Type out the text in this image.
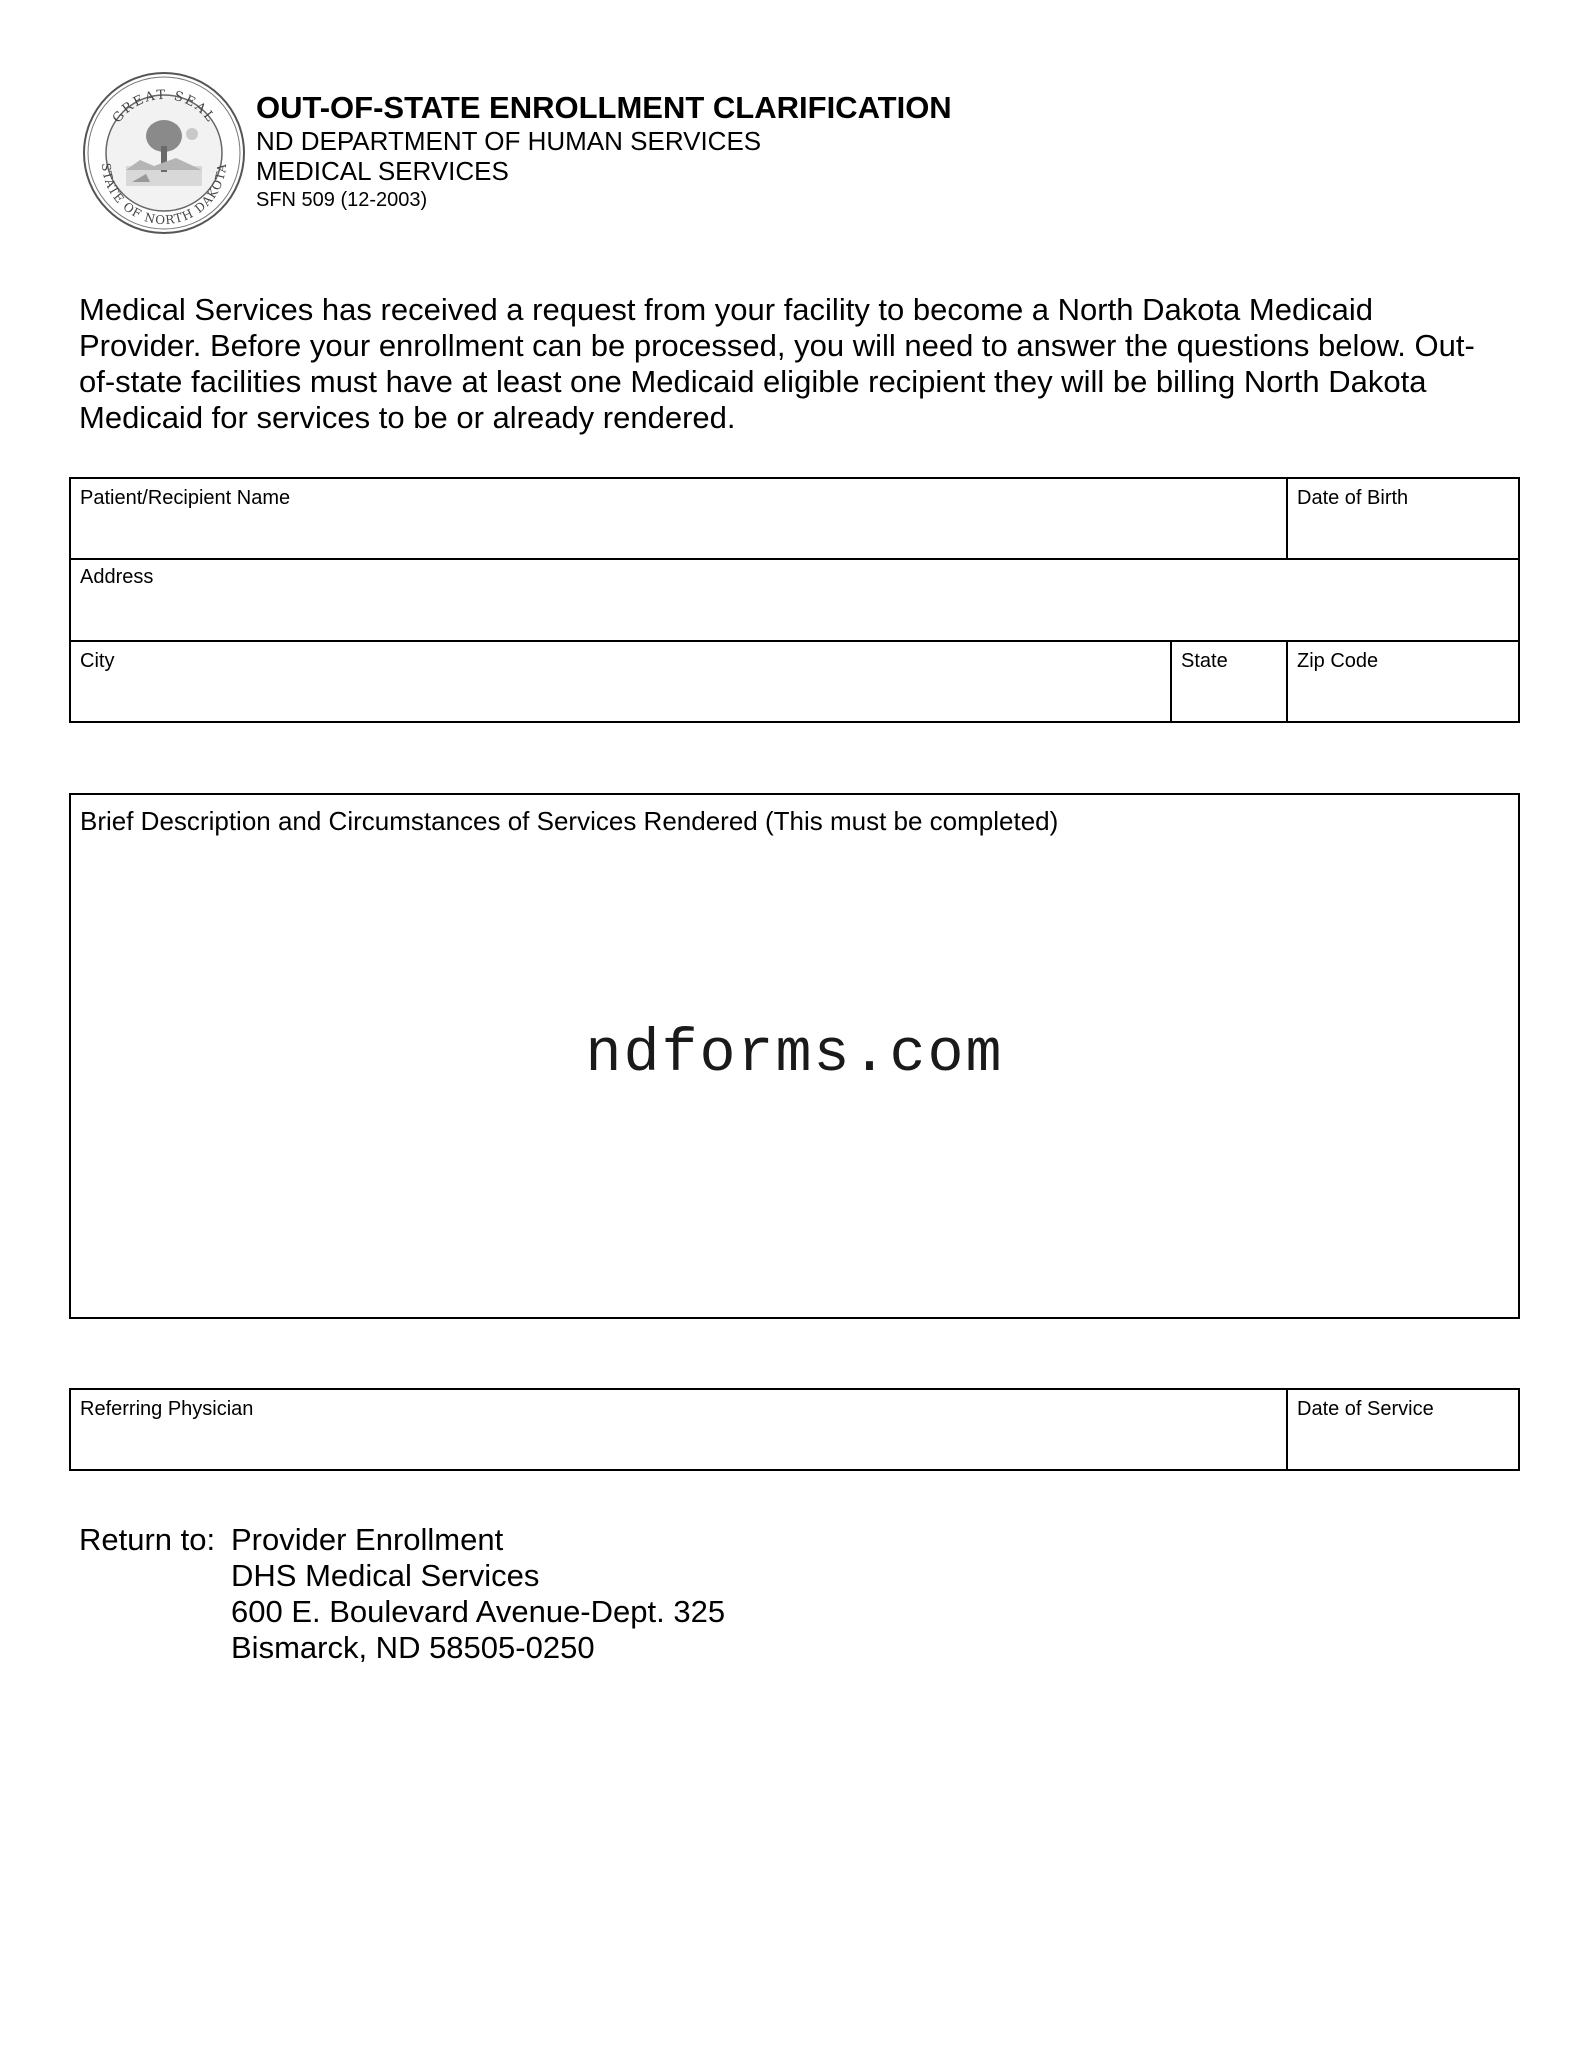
GREAT SEAL
STATE OF NORTH DAKOTA
OUT-OF-STATE ENROLLMENT CLARIFICATION
ND DEPARTMENT OF HUMAN SERVICES
MEDICAL SERVICES
SFN 509 (12-2003)

Medical Services has received a request from your facility to become a North Dakota Medicaid Provider. Before your enrollment can be processed, you will need to answer the questions below. Out-of-state facilities must have at least one Medicaid eligible recipient they will be billing North Dakota Medicaid for services to be or already rendered.

Patient/Recipient Name	Date of Birth
Address
City	State	Zip Code
Brief Description and Circumstances of Services Rendered (This must be completed)
ndforms.com
Referring Physician	Date of Service
Return to: Provider Enrollment
DHS Medical Services
600 E. Boulevard Avenue-Dept. 325
Bismarck, ND 58505-0250
